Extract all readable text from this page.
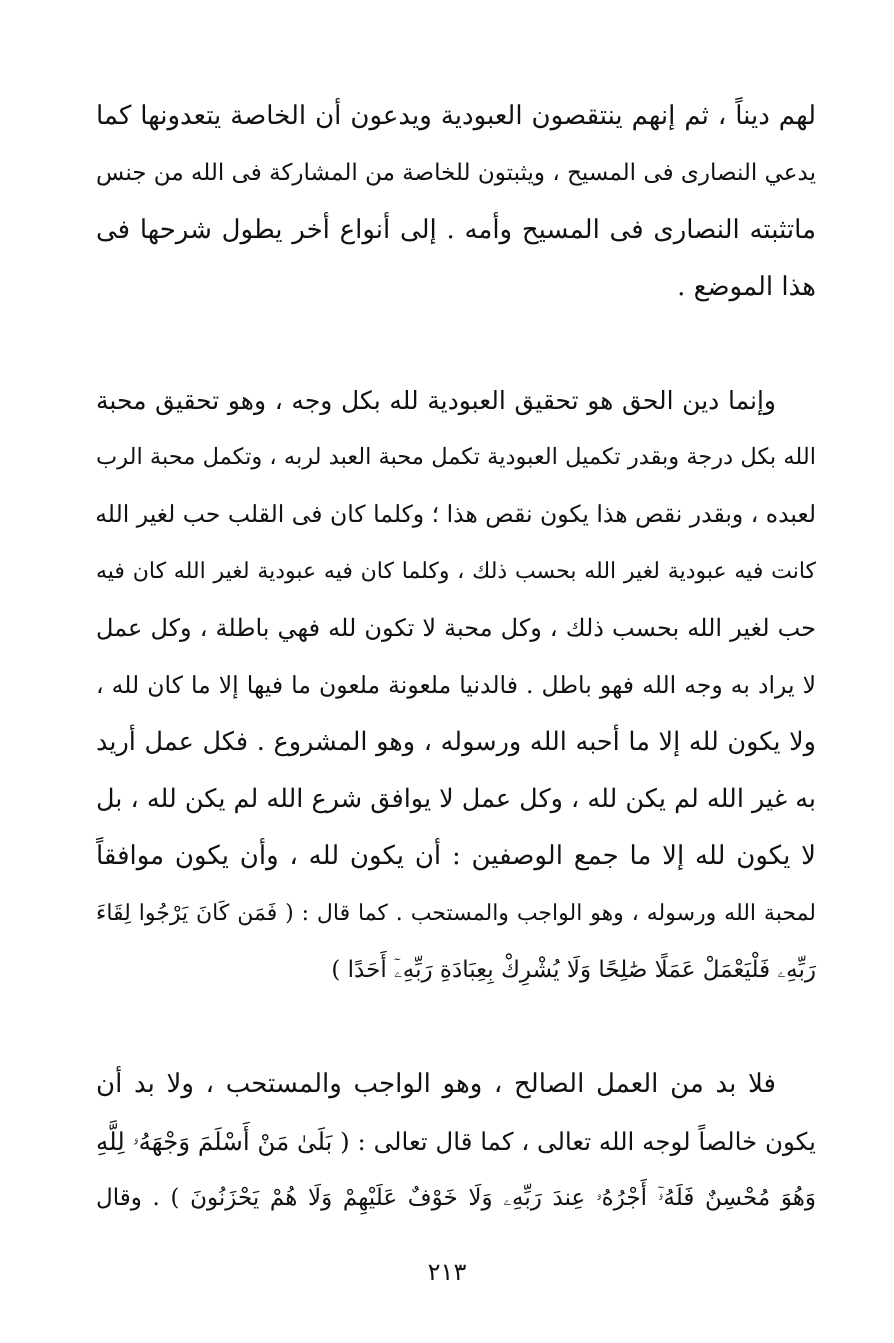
لهم ديناً ، ثم إنهم ينتقصون العبودية ويدعون أن الخاصة يتعدونها كما
يدعي النصارى فى المسيح ، ويثبتون للخاصة من المشاركة فى الله من جنس
ماتثبته النصارى فى المسيح وأمه . إلى أنواع أخر يطول شرحها فى
هذا الموضع .
وإنما دين الحق هو تحقيق العبودية لله بكل وجه ، وهو تحقيق محبة
الله بكل درجة وبقدر تكميل العبودية تكمل محبة العبد لربه ، وتكمل محبة الرب
لعبده ، وبقدر نقص هذا يكون نقص هذا ؛ وكلما كان فى القلب حب لغير الله
كانت فيه عبودية لغير الله بحسب ذلك ، وكلما كان فيه عبودية لغير الله كان فيه
حب لغير الله بحسب ذلك ، وكل محبة لا تكون لله فهي باطلة ، وكل عمل
لا يراد به وجه الله فهو باطل . فالدنيا ملعونة ملعون ما فيها إلا ما كان لله ،
ولا يكون لله إلا ما أحبه الله ورسوله ، وهو المشروع . فكل عمل أريد
به غير الله لم يكن لله ، وكل عمل لا يوافق شرع الله لم يكن لله ، بل
لا يكون لله إلا ما جمع الوصفين : أن يكون لله ، وأن يكون موافقاً
لمحبة الله ورسوله ، وهو الواجب والمستحب . كما قال : ( فَمَن كَانَ يَرْجُوا لِقَاءَ
رَبِّهِۦ فَلْيَعْمَلْ عَمَلًا صَٰلِحًا وَلَا يُشْرِكْ بِعِبَادَةِ رَبِّهِۦٓ أَحَدًا )
فلا بد من العمل الصالح ، وهو الواجب والمستحب ، ولا بد أن
يكون خالصاً لوجه الله تعالى ، كما قال تعالى : ( بَلَىٰ مَنْ أَسْلَمَ وَجْهَهُۥ لِلَّهِ
وَهُوَ مُحْسِنٌ فَلَهُۥٓ أَجْرُهُۥ عِندَ رَبِّهِۦ وَلَا خَوْفٌ عَلَيْهِمْ وَلَا هُمْ يَحْزَنُونَ ) . وقال
٢١٣
